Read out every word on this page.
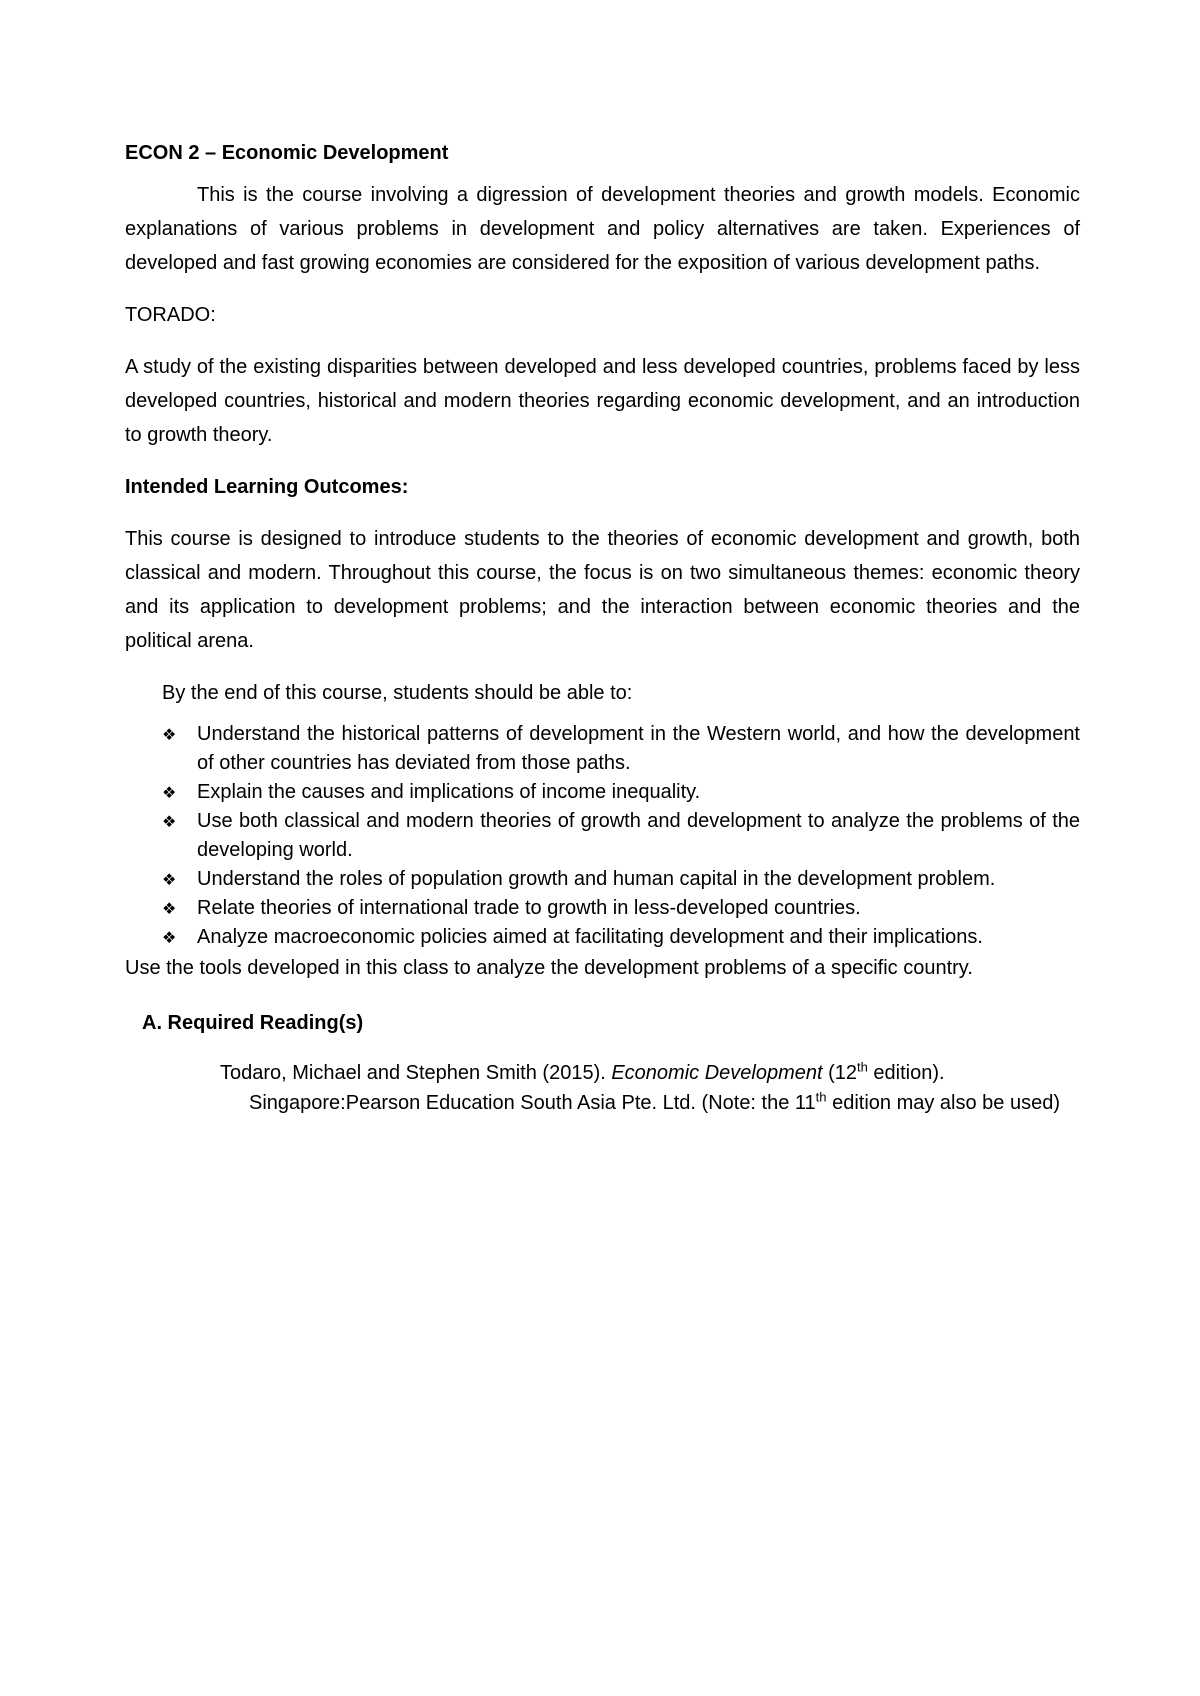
ECON 2 – Economic Development
This is the course involving a digression of development theories and growth models. Economic explanations of various problems in development and policy alternatives are taken. Experiences of developed and fast growing economies are considered for the exposition of various development paths.
TORADO:
A study of the existing disparities between developed and less developed countries, problems faced by less developed countries, historical and modern theories regarding economic development, and an introduction to growth theory.
Intended Learning Outcomes:
This course is designed to introduce students to the theories of economic development and growth, both classical and modern. Throughout this course, the focus is on two simultaneous themes: economic theory and its application to development problems; and the interaction between economic theories and the political arena.
By the end of this course, students should be able to:
❖ Understand the historical patterns of development in the Western world, and how the development of other countries has deviated from those paths.
❖ Explain the causes and implications of income inequality.
❖ Use both classical and modern theories of growth and development to analyze the problems of the developing world.
❖ Understand the roles of population growth and human capital in the development problem.
❖ Relate theories of international trade to growth in less-developed countries.
❖ Analyze macroeconomic policies aimed at facilitating development and their implications.
Use the tools developed in this class to analyze the development problems of a specific country.
A. Required Reading(s)
Todaro, Michael and Stephen Smith (2015). Economic Development (12th edition). Singapore:Pearson Education South Asia Pte. Ltd. (Note: the 11th edition may also be used)
